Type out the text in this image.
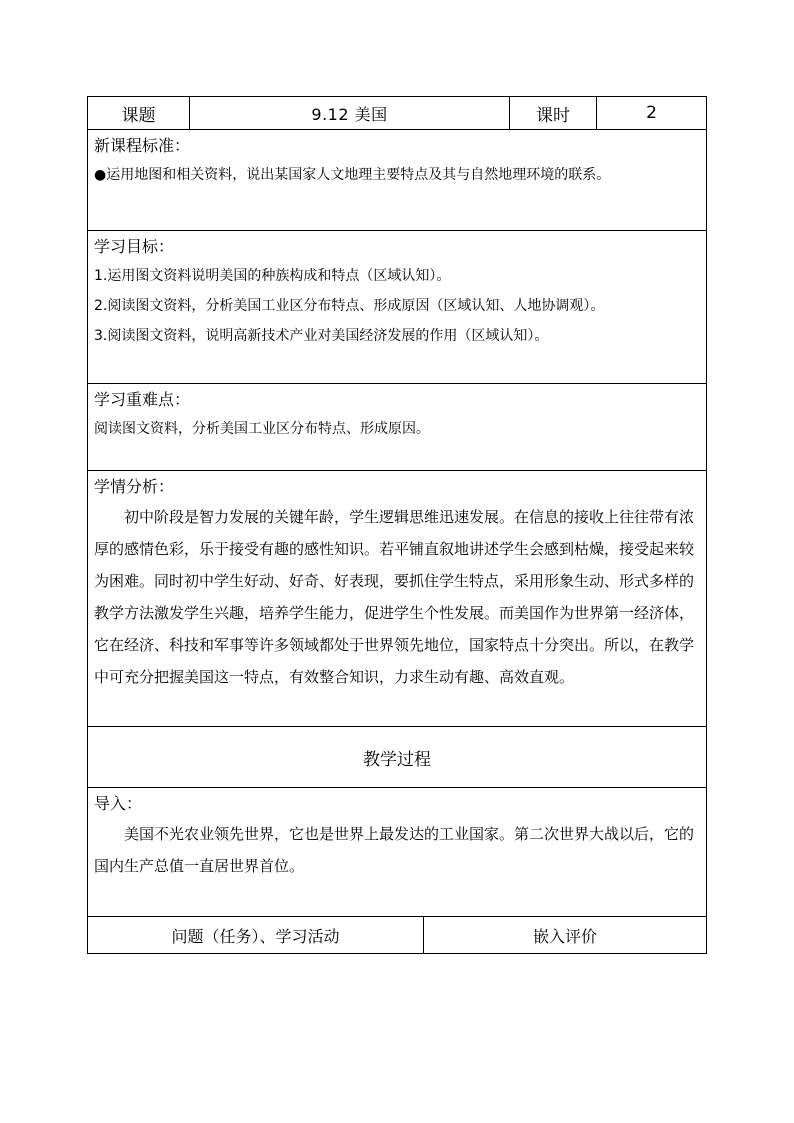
课题	9.12 美国	课时	2

新课程标准：

●运用地图和相关资料，说出某国家人文地理主要特点及其与自然地理环境的联系。

学习目标：

1.运用图文资料说明美国的种族构成和特点（区域认知）。

2.阅读图文资料，分析美国工业区分布特点、形成原因（区域认知、人地协调观）。

3.阅读图文资料，说明高新技术产业对美国经济发展的作用（区域认知）。

学习重难点：

阅读图文资料，分析美国工业区分布特点、形成原因。

学情分析：

初中阶段是智力发展的关键年龄，学生逻辑思维迅速发展。在信息的接收上往往带有浓厚的感情色彩，乐于接受有趣的感性知识。若平铺直叙地讲述学生会感到枯燥，接受起来较为困难。同时初中学生好动、好奇、好表现，要抓住学生特点，采用形象生动、形式多样的教学方法激发学生兴趣，培养学生能力，促进学生个性发展。而美国作为世界第一经济体，它在经济、科技和军事等许多领域都处于世界领先地位，国家特点十分突出。所以，在教学中可充分把握美国这一特点，有效整合知识，力求生动有趣、高效直观。

教学过程

导入：

美国不光农业领先世界，它也是世界上最发达的工业国家。第二次世界大战以后，它的国内生产总值一直居世界首位。

问题（任务）、学习活动	嵌入评价
